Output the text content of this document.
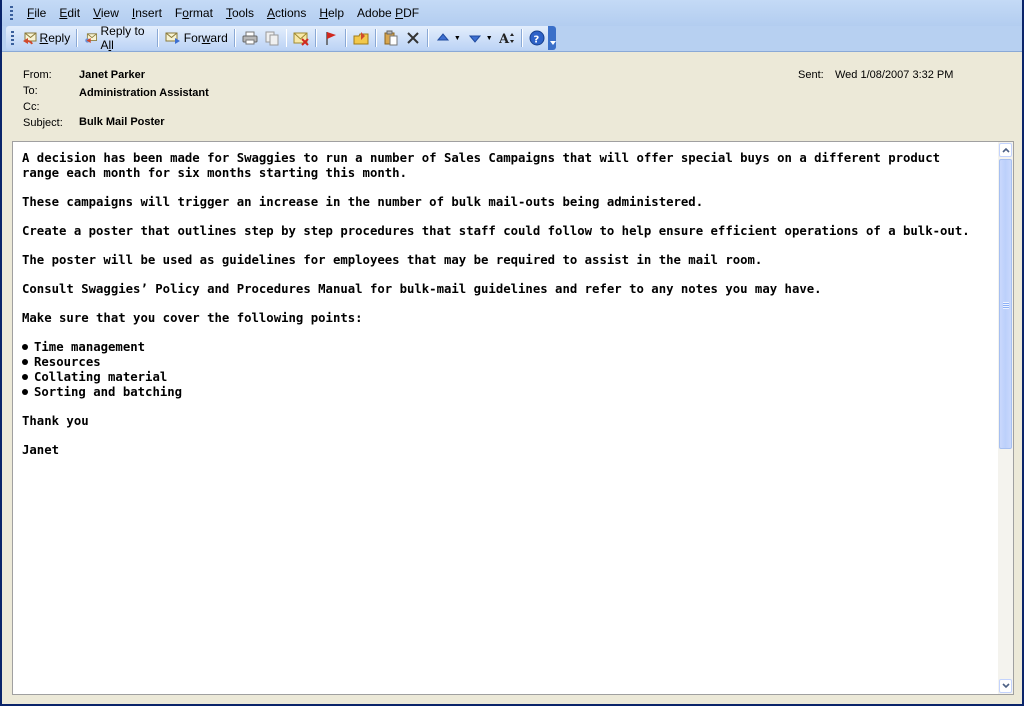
File	Edit	View	Insert	Format	Tools	Actions	Help	Adobe PDF
Reply	Reply to All	Forward	▼	▼ A ?
From: Janet Parker
To:	Administration Assistant
Cc:
Subject: Bulk Mail Poster
Sent: Wed 1/08/2007 3:32 PM

A decision has been made for Swaggies to run a number of Sales Campaigns that will offer special buys on a different product range each month for six months starting this month.

These campaigns will trigger an increase in the number of bulk mail-outs being administered.

Create a poster that outlines step by step procedures that staff could follow to help ensure efficient operations of a bulk-out.

The poster will be used as guidelines for employees that may be required to assist in the mail room.

Consult Swaggies’ Policy and Procedures Manual for bulk-mail guidelines and refer to any notes you may have.

Make sure that you cover the following points:

Time management
Resources
Collating material
Sorting and batching

Thank you

Janet
